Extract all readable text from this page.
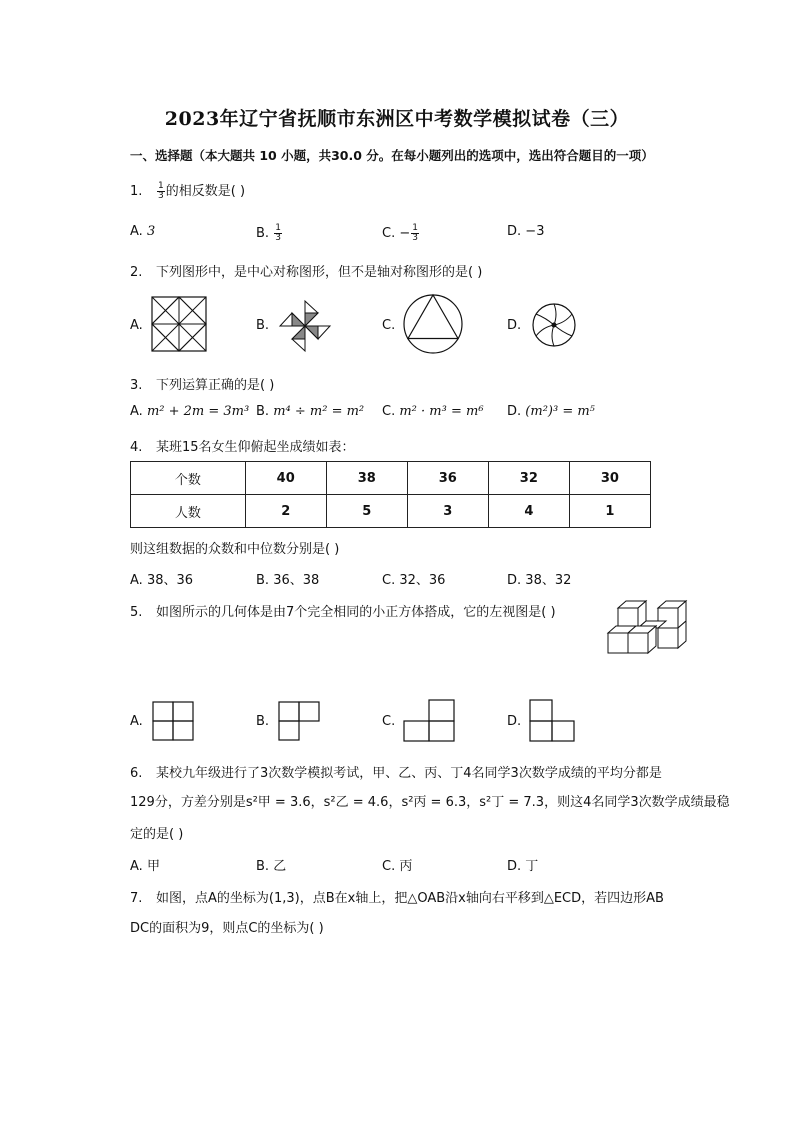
2023年辽宁省抚顺市东洲区中考数学模拟试卷（三）
一、选择题（本大题共 10 小题，共30.0 分。在每小题列出的选项中，选出符合题目的一项）
1. $\frac{1}{3}$ 的相反数是( )
A. 3	B. $\frac{1}{3}$	C. − $\frac{1}{3}$	D. −3
2. 下列图形中，是中心对称图形，但不是轴对称图形的是( )
A.	B.	C.	D.
3. 下列运算正确的是( )
A. m² + 2m = 3m³ B. m⁴ ÷ m² = m² C. m² · m³ = m⁶ D. (m²)³ = m⁵
4. 某班15名女生仰俯起坐成绩如表：
个数	40	38	36	32	30
人数	2	5	3	4	1
则这组数据的众数和中位数分别是( )
A. 38、36	B. 36、38	C. 32、36	D. 38、32
5. 如图所示的几何体是由7个完全相同的小正方体搭成，它的左视图是( )
A.	B.	C.	D.
6. 某校九年级进行了3次数学模拟考试，甲、乙、丙、丁4名同学3次数学成绩的平均分都是
129分，方差分别是s²甲 = 3.6，s²乙 = 4.6，s²丙 = 6.3，s²丁 = 7.3，则这4名同学3次数学成绩最稳
定的是( )
A. 甲	B. 乙	C. 丙	D. 丁
7. 如图，点A的坐标为(1,3)，点B在x轴上，把△OAB沿x轴向右平移到△ECD，若四边形AB
DC的面积为9，则点C的坐标为( )
